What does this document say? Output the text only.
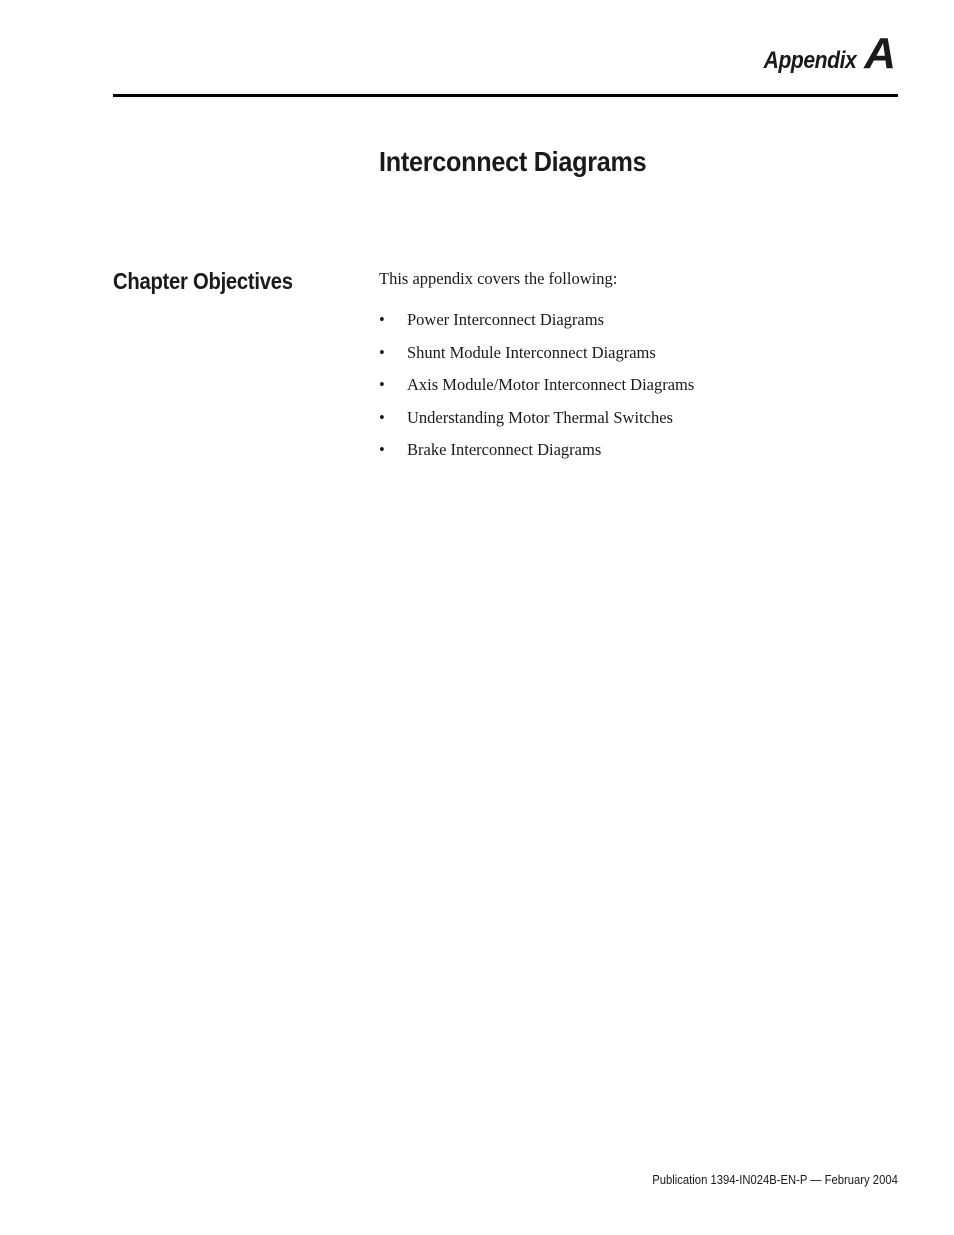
Appendix A
Interconnect Diagrams
Chapter Objectives	This appendix covers the following:

• Power Interconnect Diagrams
• Shunt Module Interconnect Diagrams
• Axis Module/Motor Interconnect Diagrams
• Understanding Motor Thermal Switches
• Brake Interconnect Diagrams
Publication 1394-IN024B-EN-P — February 2004
